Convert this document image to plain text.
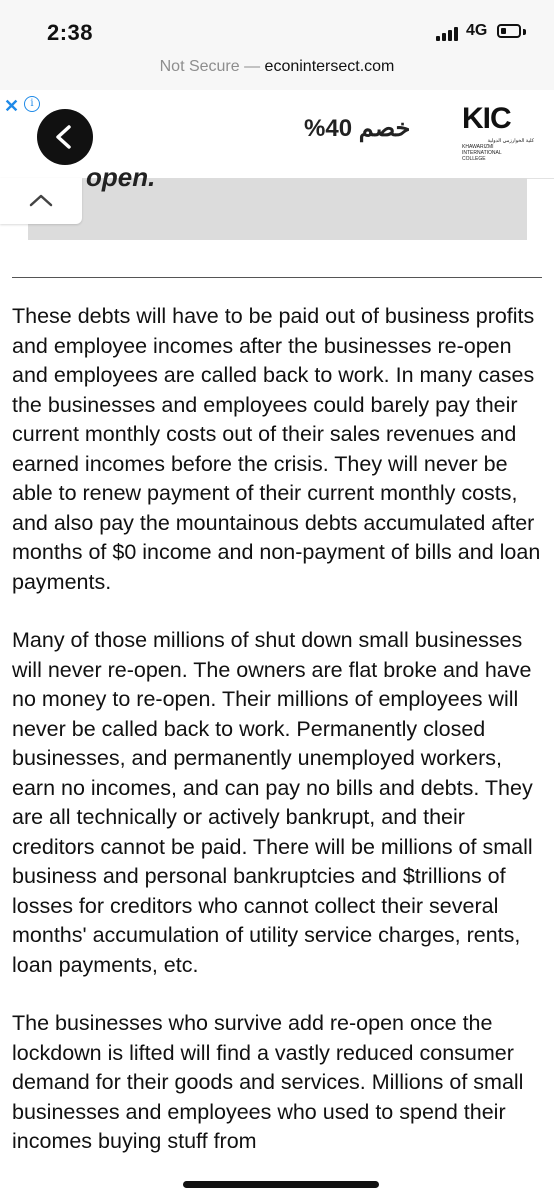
2:38	4G
Not Secure — econintersect.com
✕	i
خصم 40% KIC
كلية الخوارزمي الدولية
KHAWARIZMI
INTERNATIONAL
COLLEGE
open.

These debts will have to be paid out of business profits and employee incomes after the businesses re-open and employees are called back to work. In many cases the businesses and employees could barely pay their current monthly costs out of their sales revenues and earned incomes before the crisis. They will never be able to renew payment of their current monthly costs, and also pay the mountainous debts accumulated after months of $0 income and non-payment of bills and loan payments.

Many of those millions of shut down small businesses will never re-open. The owners are flat broke and have no money to re-open. Their millions of employees will never be called back to work. Permanently closed businesses, and permanently unemployed workers, earn no incomes, and can pay no bills and debts. They are all technically or actively bankrupt, and their creditors cannot be paid. There will be millions of small business and personal bankruptcies and $trillions of losses for creditors who cannot collect their several months' accumulation of utility service charges, rents, loan payments, etc.

The businesses who survive add re-open once the lockdown is lifted will find a vastly reduced consumer demand for their goods and services. Millions of small businesses and employees who used to spend their incomes buying stuff from
